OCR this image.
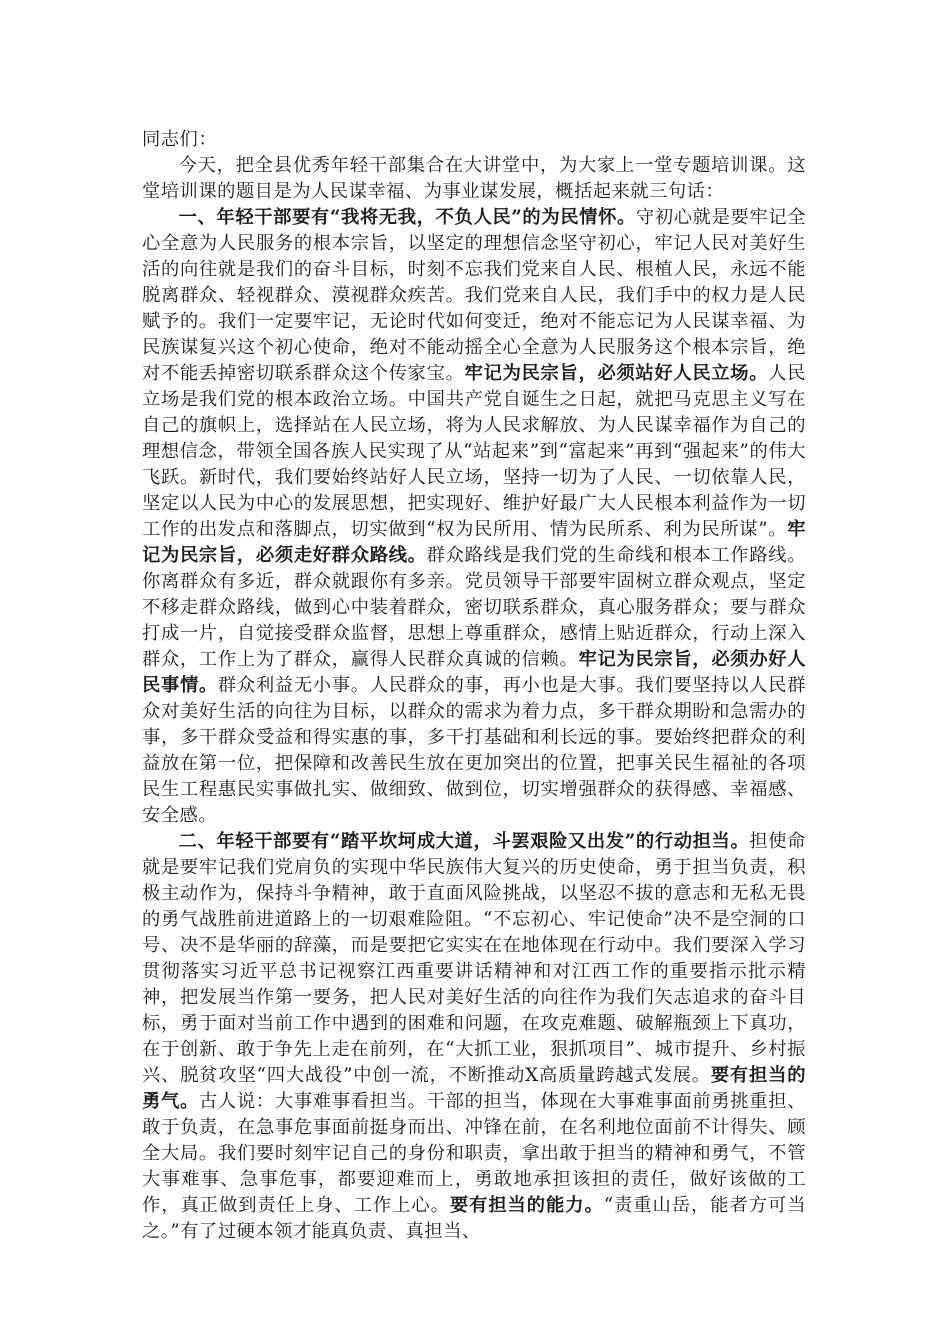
同志们：

今天，把全县优秀年轻干部集合在大讲堂中，为大家上一堂专题培训课。这堂培训课的题目是为人民谋幸福、为事业谋发展，概括起来就三句话：

一、年轻干部要有“我将无我，不负人民”的为民情怀。守初心就是要牢记全心全意为人民服务的根本宗旨，以坚定的理想信念坚守初心，牢记人民对美好生活的向往就是我们的奋斗目标，时刻不忘我们党来自人民、根植人民，永远不能脱离群众、轻视群众、漠视群众疾苦。我们党来自人民，我们手中的权力是人民赋予的。我们一定要牢记，无论时代如何变迁，绝对不能忘记为人民谋幸福、为民族谋复兴这个初心使命，绝对不能动摇全心全意为人民服务这个根本宗旨，绝对不能丢掉密切联系群众这个传家宝。牢记为民宗旨，必须站好人民立场。人民立场是我们党的根本政治立场。中国共产党自诞生之日起，就把马克思主义写在自己的旗帜上，选择站在人民立场，将为人民求解放、为人民谋幸福作为自己的理想信念，带领全国各族人民实现了从“站起来”到“富起来”再到“强起来”的伟大飞跃。新时代，我们要始终站好人民立场，坚持一切为了人民、一切依靠人民，坚定以人民为中心的发展思想，把实现好、维护好最广大人民根本利益作为一切工作的出发点和落脚点，切实做到“权为民所用、情为民所系、利为民所谋”。牢记为民宗旨，必须走好群众路线。群众路线是我们党的生命线和根本工作路线。你离群众有多近，群众就跟你有多亲。党员领导干部要牢固树立群众观点，坚定不移走群众路线，做到心中装着群众，密切联系群众，真心服务群众；要与群众打成一片，自觉接受群众监督，思想上尊重群众，感情上贴近群众，行动上深入群众，工作上为了群众，赢得人民群众真诚的信赖。牢记为民宗旨，必须办好人民事情。群众利益无小事。人民群众的事，再小也是大事。我们要坚持以人民群众对美好生活的向往为目标，以群众的需求为着力点，多干群众期盼和急需办的事，多干群众受益和得实惠的事，多干打基础和利长远的事。要始终把群众的利益放在第一位，把保障和改善民生放在更加突出的位置，把事关民生福祉的各项民生工程惠民实事做扎实、做细致、做到位，切实增强群众的获得感、幸福感、安全感。

二、年轻干部要有“踏平坎坷成大道，斗罢艰险又出发”的行动担当。担使命就是要牢记我们党肩负的实现中华民族伟大复兴的历史使命，勇于担当负责，积极主动作为，保持斗争精神，敢于直面风险挑战，以坚忍不拔的意志和无私无畏的勇气战胜前进道路上的一切艰难险阻。“不忘初心、牢记使命”决不是空洞的口号、决不是华丽的辞藻，而是要把它实实在在地体现在行动中。我们要深入学习贯彻落实习近平总书记视察江西重要讲话精神和对江西工作的重要指示批示精神，把发展当作第一要务，把人民对美好生活的向往作为我们矢志追求的奋斗目标，勇于面对当前工作中遇到的困难和问题，在攻克难题、破解瓶颈上下真功，在于创新、敢于争先上走在前列，在“大抓工业，狠抓项目”、城市提升、乡村振兴、脱贫攻坚“四大战役”中创一流，不断推动X高质量跨越式发展。要有担当的勇气。古人说：大事难事看担当。干部的担当，体现在大事难事面前勇挑重担、敢于负责，在急事危事面前挺身而出、冲锋在前，在名利地位面前不计得失、顾全大局。我们要时刻牢记自己的身份和职责，拿出敢于担当的精神和勇气，不管大事难事、急事危事，都要迎难而上，勇敢地承担该担的责任，做好该做的工作，真正做到责任上身、工作上心。要有担当的能力。“责重山岳，能者方可当之。”有了过硬本领才能真负责、真担当、
